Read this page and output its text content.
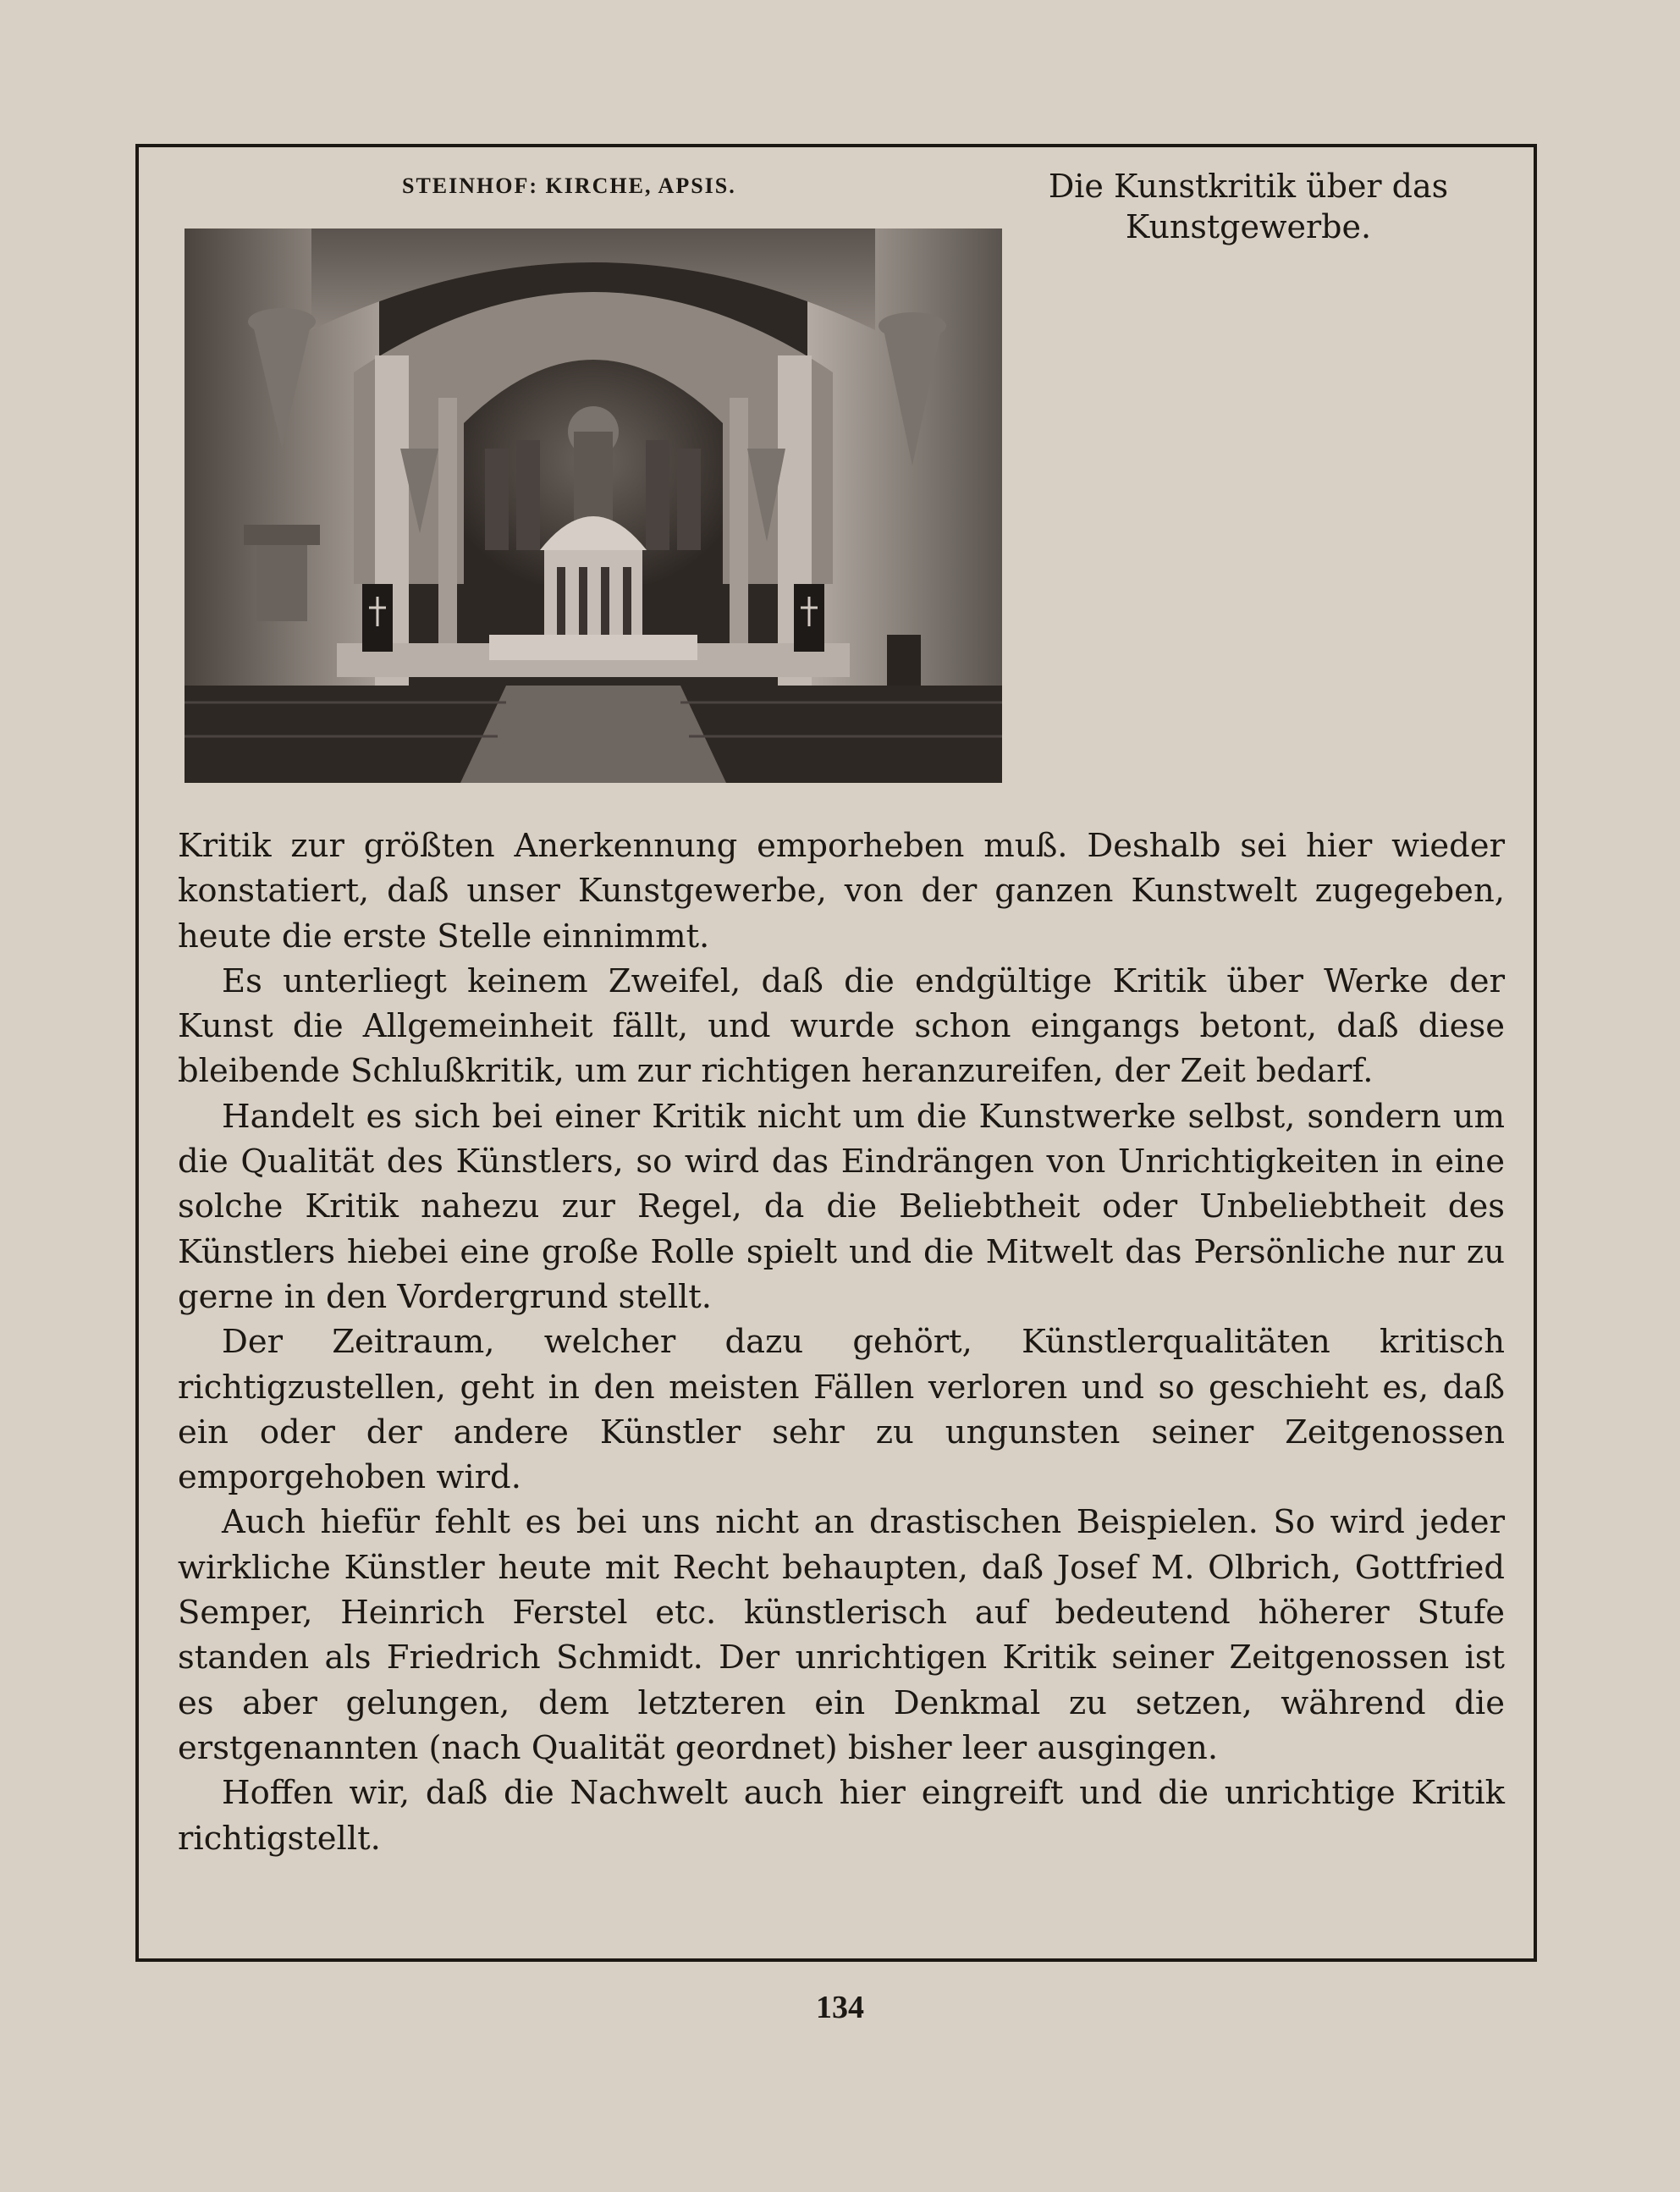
STEINHOF: KIRCHE, APSIS.	Die Kunstkritik über das Kunstgewerbe.

Kritik zur größten Anerkennung emporheben muß. Deshalb sei hier wieder konstatiert, daß unser Kunstgewerbe, von der ganzen Kunstwelt zugegeben, heute die erste Stelle einnimmt.

Es unterliegt keinem Zweifel, daß die endgültige Kritik über Werke der Kunst die Allgemeinheit fällt, und wurde schon eingangs betont, daß diese bleibende Schlußkritik, um zur richtigen heranzureifen, der Zeit bedarf.

Handelt es sich bei einer Kritik nicht um die Kunstwerke selbst, sondern um die Qualität des Künstlers, so wird das Eindrängen von Unrichtigkeiten in eine solche Kritik nahezu zur Regel, da die Beliebtheit oder Unbeliebtheit des Künstlers hiebei eine große Rolle spielt und die Mitwelt das Persönliche nur zu gerne in den Vordergrund stellt.

Der Zeitraum, welcher dazu gehört, Künstlerqualitäten kritisch richtigzustellen, geht in den meisten Fällen verloren und so geschieht es, daß ein oder der andere Künstler sehr zu ungunsten seiner Zeitgenossen emporgehoben wird.

Auch hiefür fehlt es bei uns nicht an drastischen Beispielen. So wird jeder wirkliche Künstler heute mit Recht behaupten, daß Josef M. Olbrich, Gottfried Semper, Heinrich Ferstel etc. künstlerisch auf bedeutend höherer Stufe standen als Friedrich Schmidt. Der unrichtigen Kritik seiner Zeitgenossen ist es aber gelungen, dem letzteren ein Denkmal zu setzen, während die erstgenannten (nach Qualität geordnet) bisher leer ausgingen.

Hoffen wir, daß die Nachwelt auch hier eingreift und die unrichtige Kritik richtigstellt.

134
